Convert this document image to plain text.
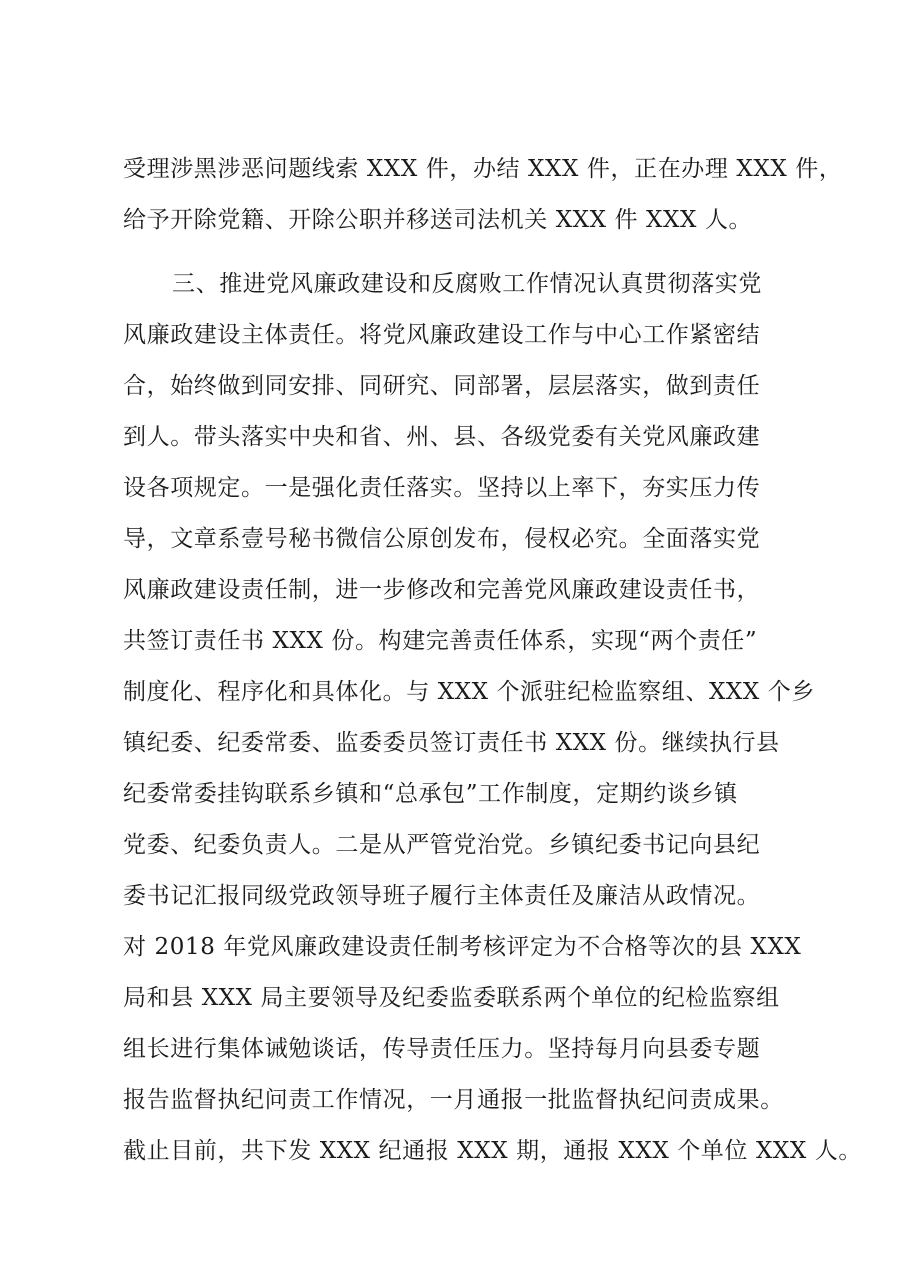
受理涉黑涉恶问题线索 XXX 件，办结 XXX 件，正在办理 XXX 件，
给予开除党籍、开除公职并移送司法机关 XXX 件 XXX 人。
三、推进党风廉政建设和反腐败工作情况认真贯彻落实党
风廉政建设主体责任。将党风廉政建设工作与中心工作紧密结
合，始终做到同安排、同研究、同部署，层层落实，做到责任
到人。带头落实中央和省、州、县、各级党委有关党风廉政建
设各项规定。一是强化责任落实。坚持以上率下，夯实压力传
导，文章系壹号秘书微信公原创发布，侵权必究。全面落实党
风廉政建设责任制，进一步修改和完善党风廉政建设责任书，
共签订责任书 XXX 份。构建完善责任体系，实现“两个责任”
制度化、程序化和具体化。与 XXX 个派驻纪检监察组、XXX 个乡
镇纪委、纪委常委、监委委员签订责任书 XXX 份。继续执行县
纪委常委挂钩联系乡镇和“总承包”工作制度，定期约谈乡镇
党委、纪委负责人。二是从严管党治党。乡镇纪委书记向县纪
委书记汇报同级党政领导班子履行主体责任及廉洁从政情况。
对 2018 年党风廉政建设责任制考核评定为不合格等次的县 XXX
局和县 XXX 局主要领导及纪委监委联系两个单位的纪检监察组
组长进行集体诫勉谈话，传导责任压力。坚持每月向县委专题
报告监督执纪问责工作情况，一月通报一批监督执纪问责成果。
截止目前，共下发 XXX 纪通报 XXX 期，通报 XXX 个单位 XXX 人。
